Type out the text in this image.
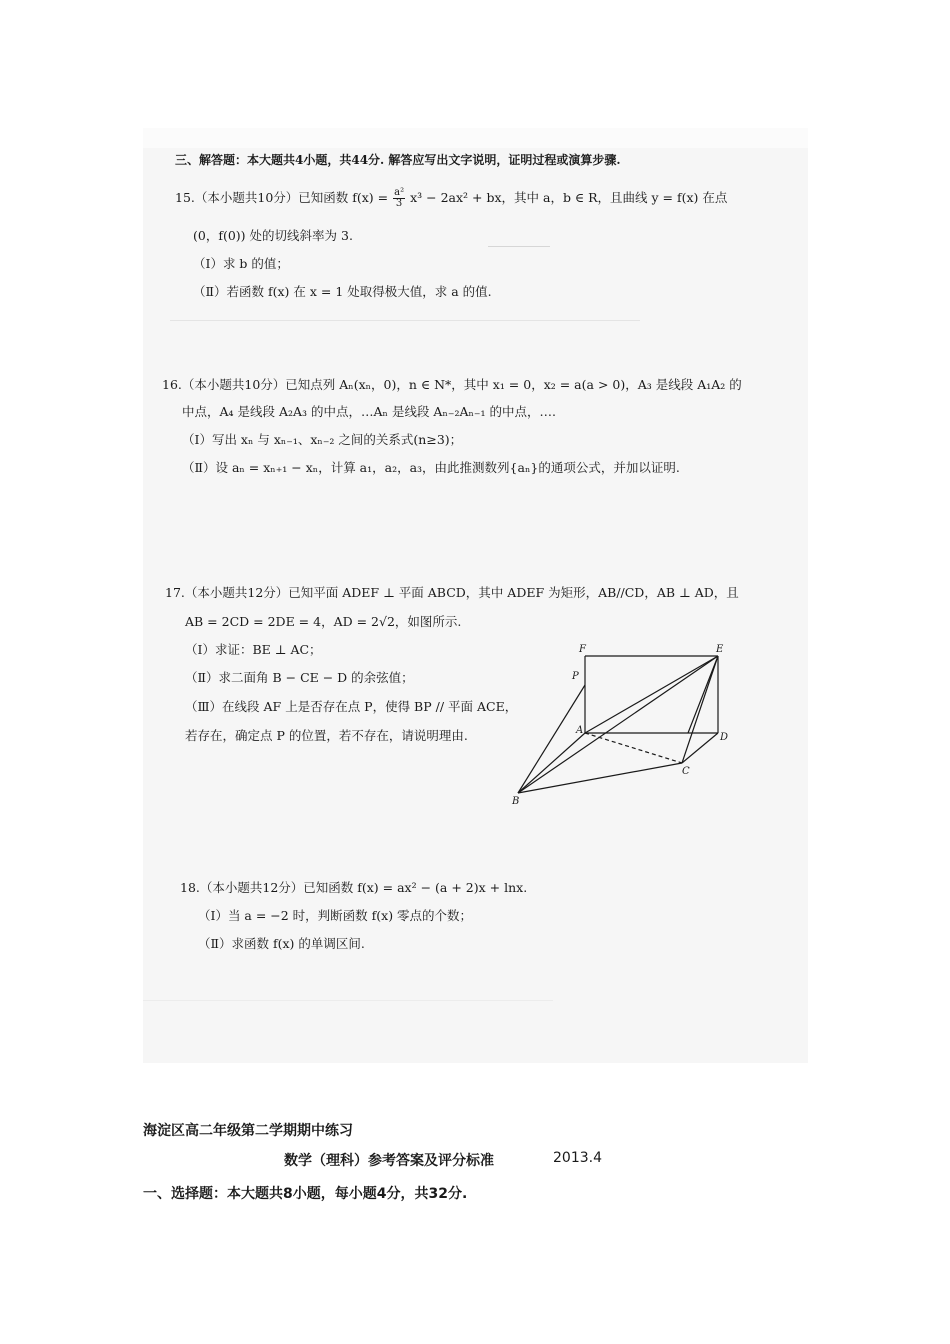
三、解答题：本大题共4小题，共44分. 解答应写出文字说明，证明过程或演算步骤.
15.（本小题共10分）已知函数 $f(x) = \frac{\text{a²}}{3} x^3 - 2ax^2$ + bx，其中 a，b ∈ R，且曲线 y = f(x) 在点
(0，f(0)) 处的切线斜率为 3.
（Ⅰ）求 b 的值；
（Ⅱ）若函数 f(x) 在 x = 1 处取得极大值，求 a 的值.
16.（本小题共10分）已知点列 Aₙ(xₙ，0)，n ∈ N*，其中 x₁ = 0，x₂ = a(a > 0)，A₃ 是线段 A₁A₂ 的
中点，A₄ 是线段 A₂A₃ 的中点，…Aₙ 是线段 Aₙ₋₂Aₙ₋₁ 的中点，….
（Ⅰ）写出 xₙ 与 xₙ₋₁、xₙ₋₂ 之间的关系式(n≥3)；
（Ⅱ）设 aₙ = xₙ₊₁ − xₙ，计算 a₁，a₂，a₃，由此推测数列{aₙ}的通项公式，并加以证明.
17.（本小题共12分）已知平面 ADEF ⊥ 平面 ABCD，其中 ADEF 为矩形，AB//CD，AB ⊥ AD，且
AB = 2CD = 2DE = 4，AD = 2√2，如图所示.
（Ⅰ）求证：BE ⊥ AC；
（Ⅱ）求二面角 B − CE − D 的余弦值；
（Ⅲ）在线段 AF 上是否存在点 P，使得 BP // 平面 ACE，
若存在，确定点 P 的位置，若不存在，请说明理由.
F	E
P
A
D
C
B
18.（本小题共12分）已知函数 f(x) = ax² − (a + 2)x + lnx.
（Ⅰ）当 a = −2 时，判断函数 f(x) 零点的个数；
（Ⅱ）求函数 f(x) 的单调区间.
海淀区高二年级第二学期期中练习
数学（理科）参考答案及评分标准	2013.4
一、选择题：本大题共8小题，每小题4分，共32分.
